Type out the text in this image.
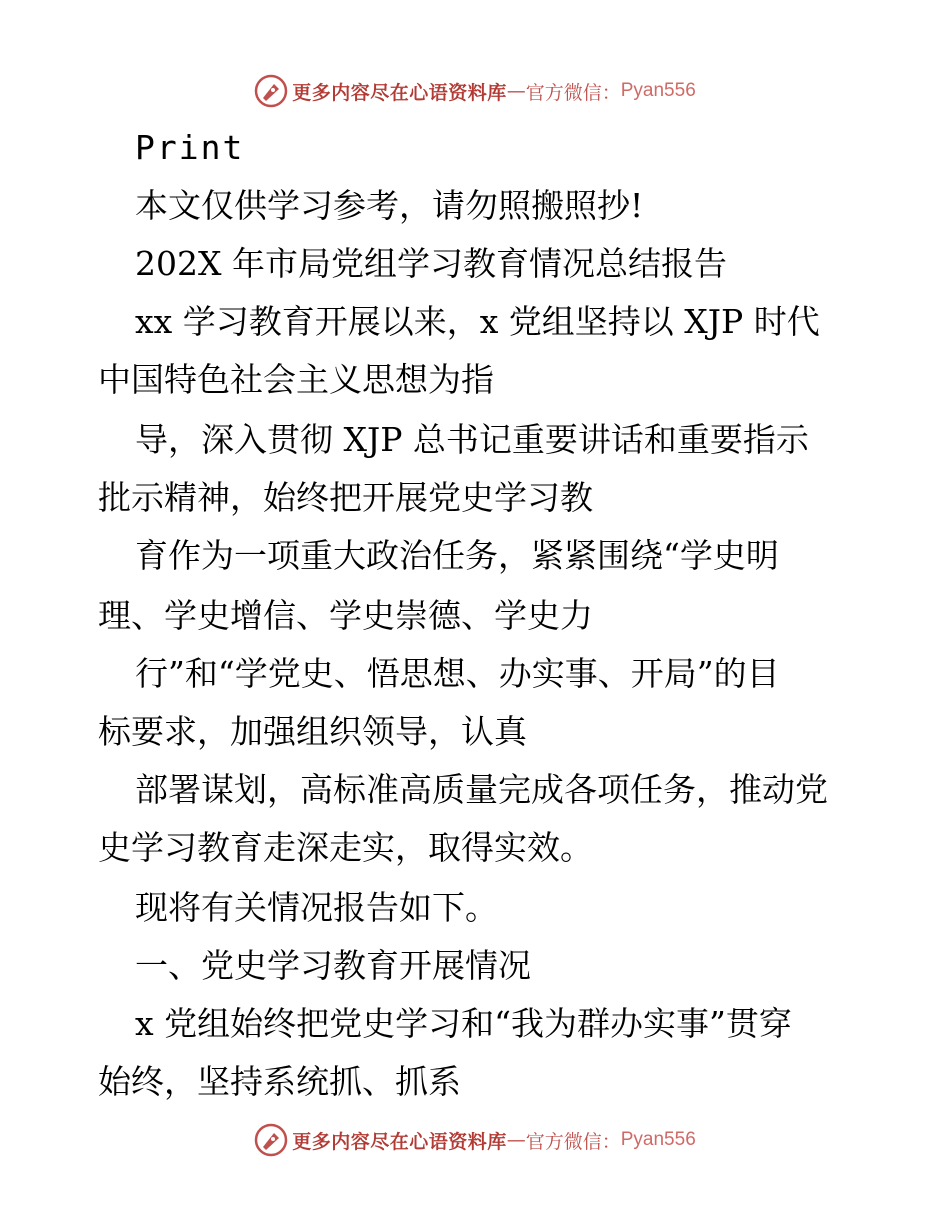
更多内容尽在心语资料库 — 官方微信： Pyan556
Print
本文仅供学习参考，请勿照搬照抄!
202X 年市局党组学习教育情况总结报告
xx 学习教育开展以来，x 党组坚持以 XJP 时代
中国特色社会主义思想为指
导，深入贯彻 XJP 总书记重要讲话和重要指示
批示精神，始终把开展党史学习教
育作为一项重大政治任务，紧紧围绕“学史明
理、学史增信、学史崇德、学史力
行”和“学党史、悟思想、办实事、开局”的目
标要求，加强组织领导，认真
部署谋划，高标准高质量完成各项任务，推动党
史学习教育走深走实，取得实效。
现将有关情况报告如下。
一、党史学习教育开展情况
x 党组始终把党史学习和“我为群办实事”贯穿
始终，坚持系统抓、抓系
更多内容尽在心语资料库 — 官方微信： Pyan556
